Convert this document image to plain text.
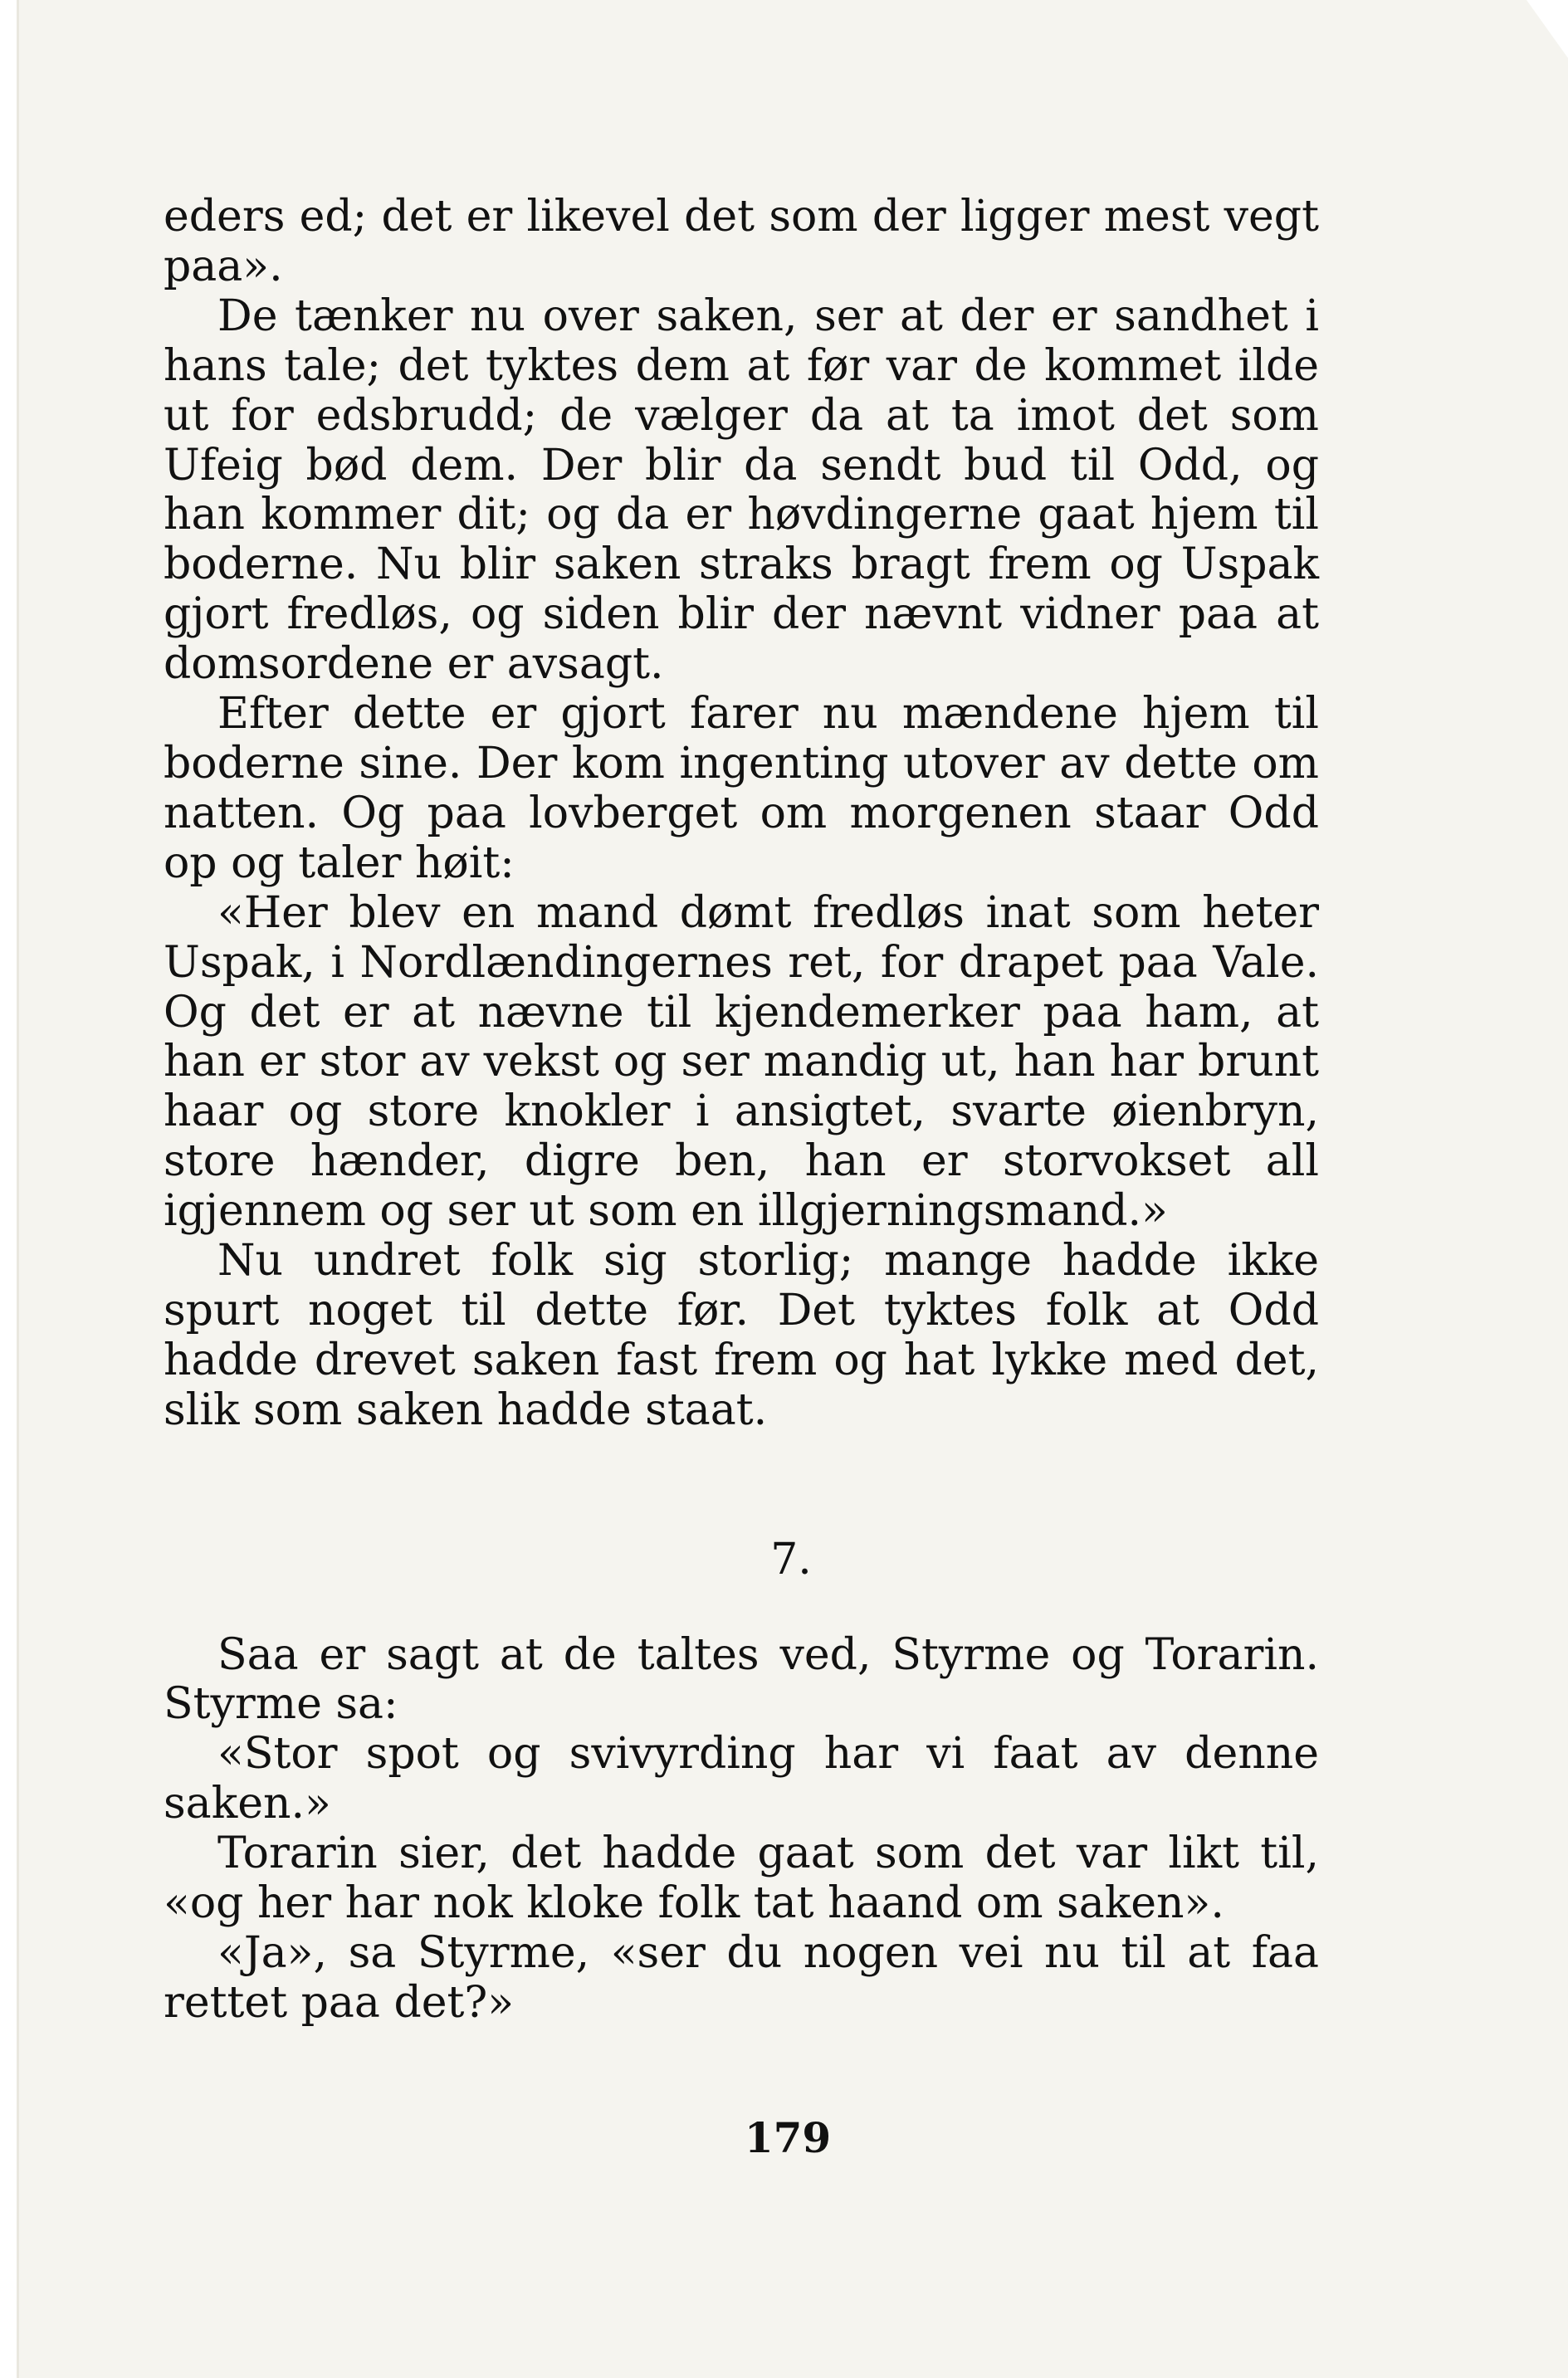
eders ed; det er likevel det som der ligger mest vegt paa».

De tænker nu over saken, ser at der er sandhet i hans tale; det tyktes dem at før var de kommet ilde ut for edsbrudd; de vælger da at ta imot det som Ufeig bød dem. Der blir da sendt bud til Odd, og han kommer dit; og da er høvdingerne gaat hjem til boderne. Nu blir saken straks bragt frem og Uspak gjort fredløs, og siden blir der nævnt vidner paa at domsordene er avsagt.

Efter dette er gjort farer nu mændene hjem til boderne sine. Der kom ingenting utover av dette om natten. Og paa lovberget om morgenen staar Odd op og taler høit:

«Her blev en mand dømt fredløs inat som heter Uspak, i Nordlændingernes ret, for drapet paa Vale. Og det er at nævne til kjendemerker paa ham, at han er stor av vekst og ser mandig ut, han har brunt haar og store knokler i ansigtet, svarte øienbryn, store hænder, digre ben, han er storvokset all igjennem og ser ut som en illgjerningsmand.»

Nu undret folk sig storlig; mange hadde ikke spurt noget til dette før. Det tyktes folk at Odd hadde drevet saken fast frem og hat lykke med det, slik som saken hadde staat.

7.

Saa er sagt at de taltes ved, Styrme og Torarin. Styrme sa:

«Stor spot og svivyrding har vi faat av denne saken.»

Torarin sier, det hadde gaat som det var likt til, «og her har nok kloke folk tat haand om saken».

«Ja», sa Styrme, «ser du nogen vei nu til at faa rettet paa det?»

179
